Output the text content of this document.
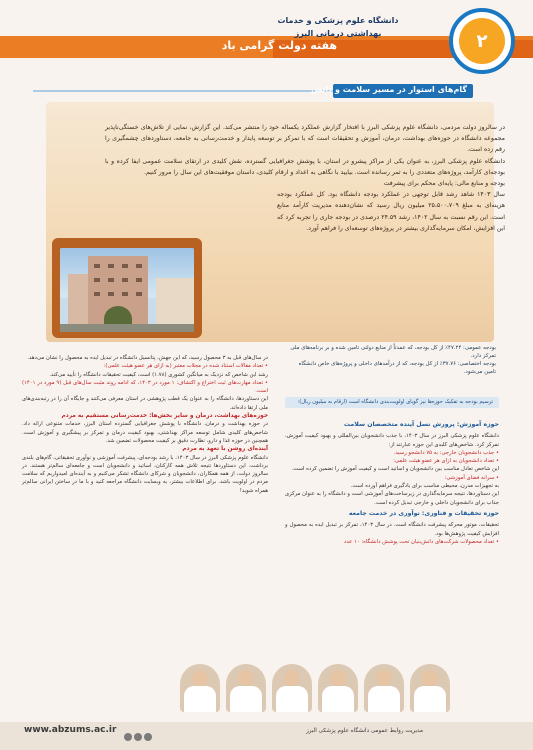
هفته دولت گرامی باد
دانشگاه علوم پزشکی و خدمات
بهداشتی درمانی البرز	۲
گام‌های استوار در مسیر سلامت و دانش

در سالروز دولت مردمی، دانشگاه علوم پزشکی البرز با افتخار گزارش عملکرد یکساله خود را منتشر می‌کند. این گزارش، نمایی از تلاش‌های خستگی‌ناپذیر مجموعه دانشگاه در حوزه‌های بهداشت، درمان، آموزش و تحقیقات است که با تمرکز بر توسعه پایدار و خدمت‌رسانی به جامعه، دستاوردهای چشمگیری را رقم زده است.

دانشگاه علوم پزشکی البرز، به عنوان یکی از مراکز پیشرو در استان، با پوشش جغرافیایی گسترده، نقش کلیدی در ارتقای سلامت عمومی ایفا کرده و با بودجه‌ای کارآمد، پروژه‌های متعددی را به ثمر رسانده است. بیایید با نگاهی به اعداد و ارقام کلیدی، داستان موفقیت‌های این سال را مرور کنیم.

بودجه و منابع مالی: پایه‌ای محکم برای پیشرفت

سال ۱۴۰۳ شاهد رشد قابل توجهی در عملکرد بودجه دانشگاه بود. کل عملکرد بودجه هزینه‌ای به مبلغ ۲۵،۵۰۰،۷۰۹ میلیون ریال رسید که نشان‌دهنده مدیریت کارآمد منابع است. این رقم نسبت به سال ۱۴۰۲، رشد ۲۴.۵۹ درصدی در بودجه جاری را تجربه کرد که این افزایش، امکان سرمایه‌گذاری بیشتر در پروژه‌های توسعه‌ای را فراهم آورد.

بودجه عمومی: ۴۷.۲۴٪ از کل بودجه، که عمدتاً از منابع دولتی تامین شده و بر برنامه‌های ملی تمرکز دارد.
بودجه اختصاصی: ۳۷.۷۶٪ از کل بودجه، که از درآمدهای داخلی و پروژه‌های خاص دانشگاه تامین می‌شود.
ترسیم بودجه به تفکیک حوزه‌ها نیز گویای اولویت‌بندی دانشگاه است (ارقام به میلیون ریال):
در سال‌های قبل به ۳ محصول رسید، که این جهش، پتانسیل دانشگاه در تبدیل ایده به محصول را نشان می‌دهد.
• تعداد مقالات استناد شده در مجلات معتبر (به ازای هر عضو هیئت علمی):
رشد این شاخص که نزدیک به میانگین کشوری (۱.۷۸) است، کیفیت تحقیقات دانشگاه را تأیید می‌کند.
• تعداد مهارت‌های ثبت اختراع و اکتشاف: ۱ مورد در ۱۴۰۳، که ادامه روند مثبت سال‌های قبل (۹ مورد در ۱۴۰۱) است.
این دستاوردها، دانشگاه را به عنوان یک قطب پژوهشی در استان معرفی می‌کنند و جایگاه آن را در رتبه‌بندی‌های ملی ارتقا داده‌اند.
حوزه‌های بهداشت، درمان و سایر بخش‌ها: خدمت‌رسانی مستقیم به مردم
در حوزه بهداشت و درمان، دانشگاه با پوشش جغرافیایی گسترده استان البرز، خدمات متنوعی ارائه داد. شاخص‌های کلیدی شامل توسعه مراکز بهداشتی، بهبود کیفیت درمان و تمرکز بر پیشگیری و آموزش است. همچنین در حوزه غذا و دارو، نظارت دقیق بر کیفیت محصولات تضمین شد.
آینده‌ای روشن با تعهد به مردم
دانشگاه علوم پزشکی البرز در سال ۱۴۰۳، با رشد بودجه‌ای، پیشرفت آموزشی و نوآوری تحقیقاتی، گام‌های بلندی برداشت. این دستاوردها نتیجه تلاش همه کارکنان، اساتید و دانشجویان است و جامعه‌ای سالم‌تر هستند. در سالروز دولت، از همه همکاران، دانشجویان و شرکای دانشگاه تشکر می‌کنیم و به آینده‌ای امیدواریم که سلامت مردم در اولویت باشد. برای اطلاعات بیشتر، به وبسایت دانشگاه مراجعه کنید و با ما در ساختن ایرانی سالم‌تر همراه شوید!
حوزه آموزش: پرورش نسل آینده متخصصان سلامت
دانشگاه علوم پزشکی البرز در سال ۱۴۰۳، با جذب دانشجویان بین‌المللی و بهبود کیفیت آموزش، تمرکز کرد. شاخص‌های کلیدی این حوزه عبارتند از:
• جذب دانشجویان خارجی: به ۷۵ دانشجو رسید.
• تعداد دانشجویان به ازای هر عضو هیئت علمی:
این شاخص تعادل مناسب بین دانشجویان و اساتید است و کیفیت آموزش را تضمین کرده است.
• سرانه فضای آموزشی:
به تجهیزات مدرن، محیطی مناسب برای یادگیری فراهم آورده است.
این دستاوردها، نتیجه سرمایه‌گذاری در زیرساخت‌های آموزشی است و دانشگاه را به عنوان مرکزی جذاب برای دانشجویان داخلی و خارجی تبدیل کرده است.
حوزه تحقیقات و فناوری: نوآوری در خدمت جامعه
تحقیقات، موتور محرکه پیشرفت دانشگاه است. در سال ۱۴۰۳، تمرکز بر تبدیل ایده به محصول و افزایش کیفیت پژوهش‌ها بود.
• تعداد محصولات شرکت‌های دانش‌بنیان تحت پوشش دانشگاه: ۱۰ عدد
www.abzums.ac.ir	مدیریت روابط عمومی دانشگاه علوم پزشکی البرز
